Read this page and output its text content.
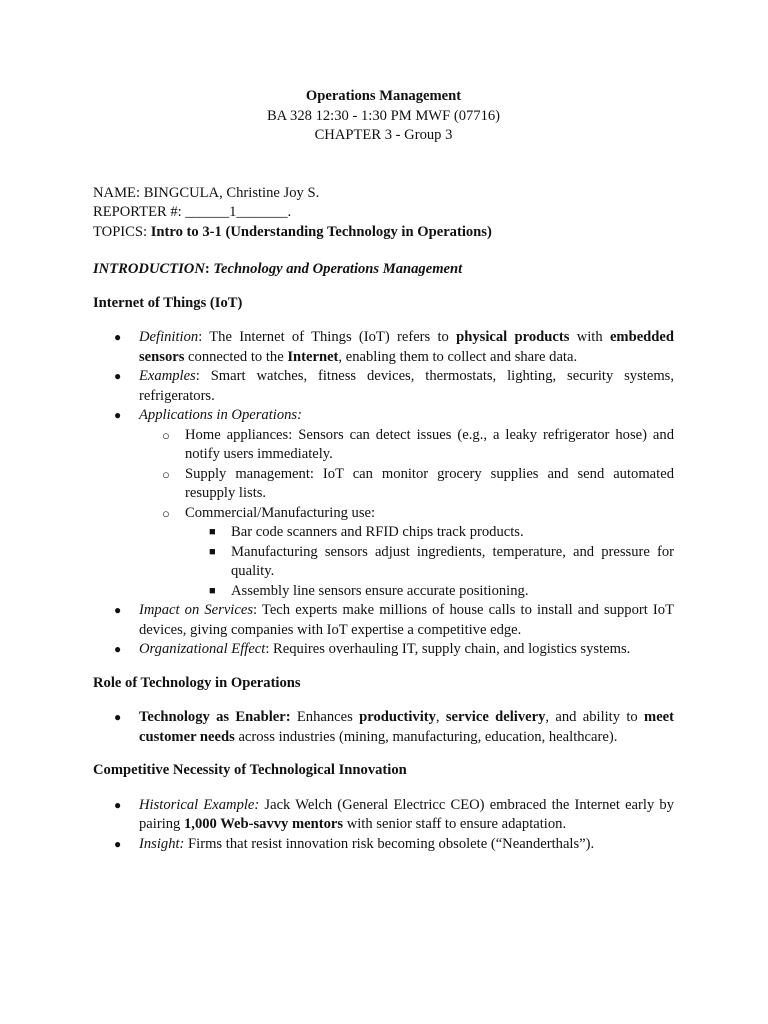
Operations Management

BA 328 12:30 - 1:30 PM MWF (07716)

CHAPTER 3 - Group 3

NAME: BINGCULA, Christine Joy S.

REPORTER #: ______1_______.

TOPICS: Intro to 3-1 (Understanding Technology in Operations)

INTRODUCTION: Technology and Operations Management

Internet of Things (IoT)

● Definition: The Internet of Things (IoT) refers to physical products with embedded sensors connected to the Internet, enabling them to collect and share data.
● Examples: Smart watches, fitness devices, thermostats, lighting, security systems, refrigerators.
● Applications in Operations:
○ Home appliances: Sensors can detect issues (e.g., a leaky refrigerator hose) and notify users immediately.
○ Supply management: IoT can monitor grocery supplies and send automated resupply lists.
○ Commercial/Manufacturing use:
■ Bar code scanners and RFID chips track products.
■ Manufacturing sensors adjust ingredients, temperature, and pressure for quality.
■ Assembly line sensors ensure accurate positioning.
● Impact on Services: Tech experts make millions of house calls to install and support IoT devices, giving companies with IoT expertise a competitive edge.
● Organizational Effect: Requires overhauling IT, supply chain, and logistics systems.

Role of Technology in Operations

● Technology as Enabler: Enhances productivity, service delivery, and ability to meet customer needs across industries (mining, manufacturing, education, healthcare).

Competitive Necessity of Technological Innovation

● Historical Example: Jack Welch (General Electricc CEO) embraced the Internet early by pairing 1,000 Web-savvy mentors with senior staff to ensure adaptation.
● Insight: Firms that resist innovation risk becoming obsolete (“Neanderthals”).
